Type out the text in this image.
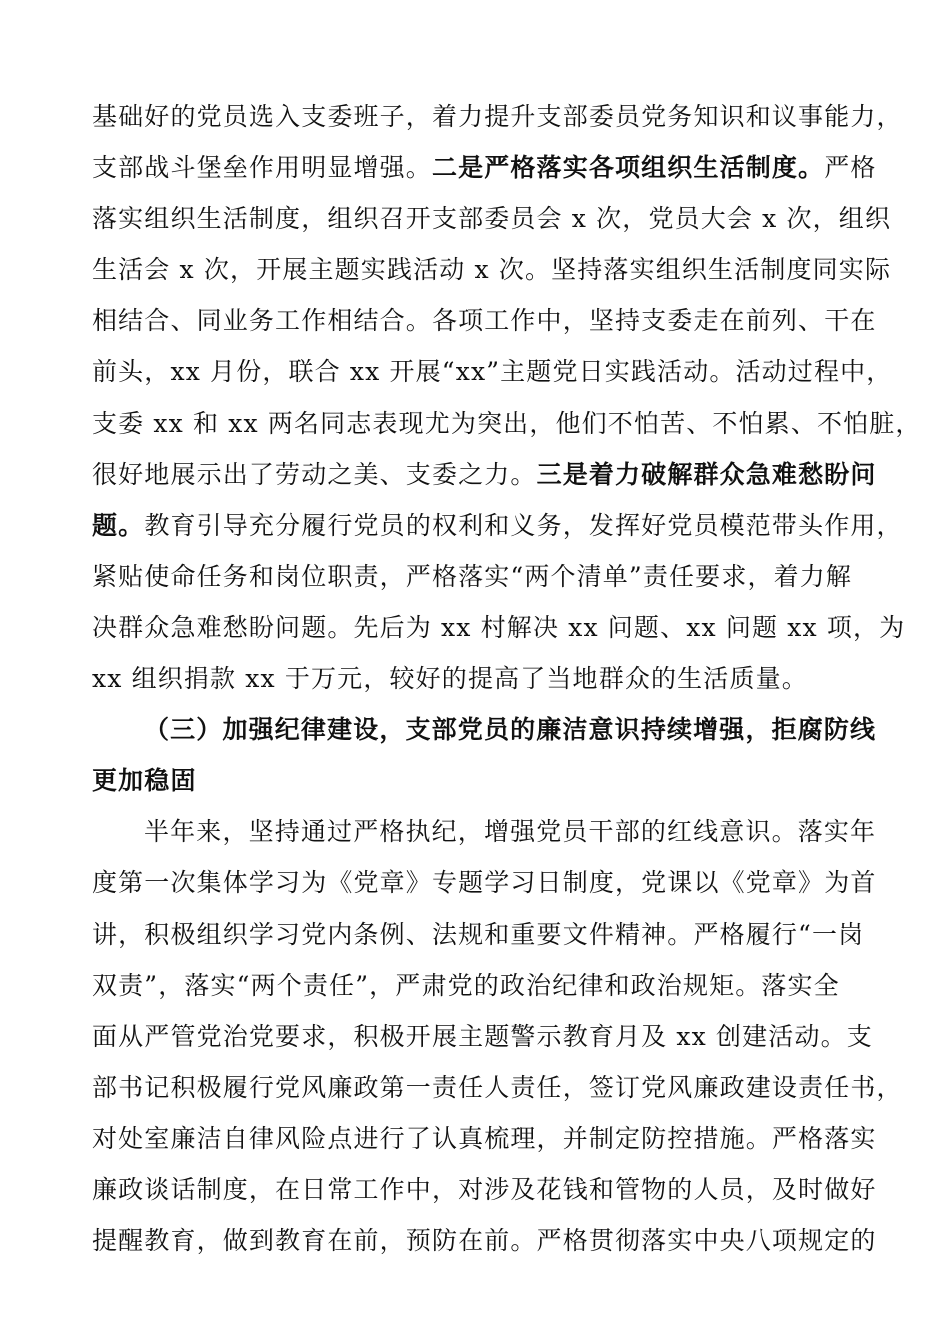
基础好的党员选入支委班子，着力提升支部委员党务知识和议事能力，
支部战斗堡垒作用明显增强。二是严格落实各项组织生活制度。严格
落实组织生活制度，组织召开支部委员会 x 次，党员大会 x 次，组织
生活会 x 次，开展主题实践活动 x 次。坚持落实组织生活制度同实际
相结合、同业务工作相结合。各项工作中，坚持支委走在前列、干在
前头，xx 月份，联合 xx 开展“xx”主题党日实践活动。活动过程中，
支委 xx 和 xx 两名同志表现尤为突出，他们不怕苦、不怕累、不怕脏，
很好地展示出了劳动之美、支委之力。三是着力破解群众急难愁盼问
题。教育引导充分履行党员的权利和义务，发挥好党员模范带头作用，
紧贴使命任务和岗位职责，严格落实“两个清单”责任要求，着力解
决群众急难愁盼问题。先后为 xx 村解决 xx 问题、xx 问题 xx 项，为
xx 组织捐款 xx 于万元，较好的提高了当地群众的生活质量。
（三）加强纪律建设，支部党员的廉洁意识持续增强，拒腐防线
更加稳固
半年来，坚持通过严格执纪，增强党员干部的红线意识。落实年
度第一次集体学习为《党章》专题学习日制度，党课以《党章》为首
讲，积极组织学习党内条例、法规和重要文件精神。严格履行“一岗
双责”，落实“两个责任”，严肃党的政治纪律和政治规矩。落实全
面从严管党治党要求，积极开展主题警示教育月及 xx 创建活动。支
部书记积极履行党风廉政第一责任人责任，签订党风廉政建设责任书，
对处室廉洁自律风险点进行了认真梳理，并制定防控措施。严格落实
廉政谈话制度，在日常工作中，对涉及花钱和管物的人员，及时做好
提醒教育，做到教育在前，预防在前。严格贯彻落实中央八项规定的
